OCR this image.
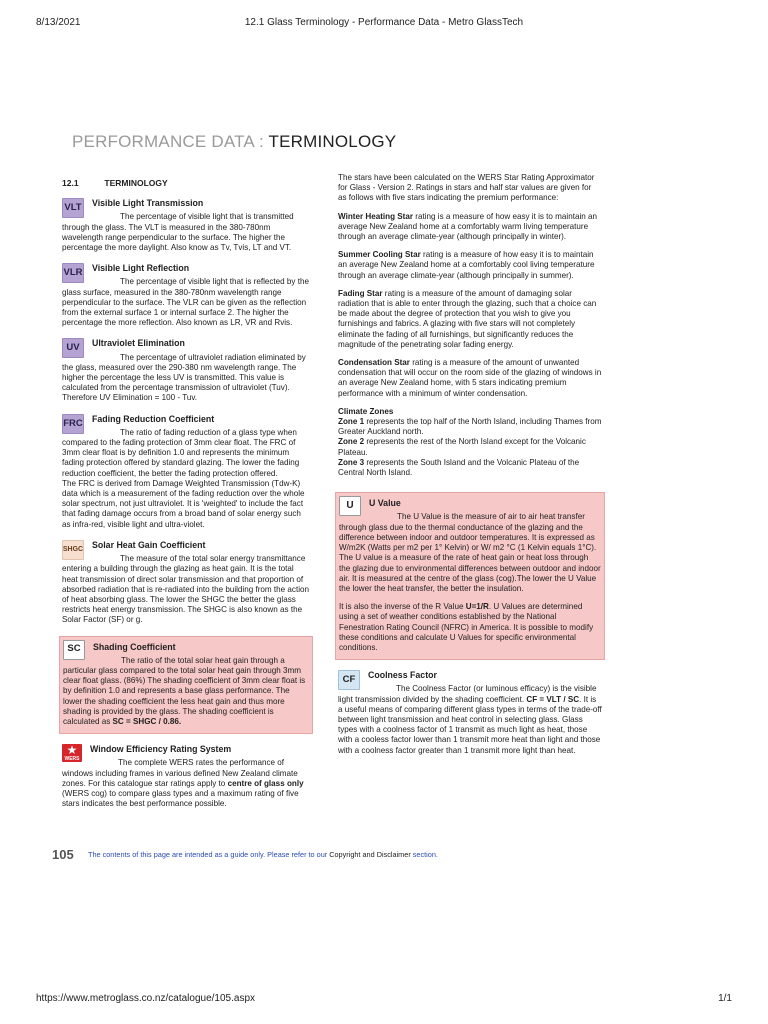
8/13/2021	12.1 Glass Terminology - Performance Data - Metro GlassTech
PERFORMANCE DATA : TERMINOLOGY
12.1	TERMINOLOGY
VLT	Visible Light Transmission

The percentage of visible light that is transmitted through the glass. The VLT is measured in the 380-780nm wavelength range perpendicular to the surface. The higher the percentage the more daylight. Also know as Tv, Tvis, LT and VT.

VLR	Visible Light Reflection

The percentage of visible light that is reflected by the glass surface, measured in the 380-780nm wavelength range perpendicular to the surface. The VLR can be given as the reflection from the external surface 1 or internal surface 2. The higher the percentage the more reflection. Also known as LR, VR and Rvis.

UV	Ultraviolet Elimination

The percentage of ultraviolet radiation eliminated by the glass, measured over the 290-380 nm wavelength range. The higher the percentage the less UV is transmitted. This value is calculated from the percentage transmission of ultraviolet (Tuv). Therefore UV Elimination = 100 - Tuv.

FRC	Fading Reduction Coefficient

The ratio of fading reduction of a glass type when compared to the fading protection of 3mm clear float. The FRC of 3mm clear float is by definition 1.0 and represents the minimum fading protection offered by standard glazing. The lower the fading reduction coefficient, the better the fading protection offered.

The FRC is derived from Damage Weighted Transmission (Tdw-K) data which is a measurement of the fading reduction over the whole solar spectrum, not just ultraviolet. It is 'weighted' to include the fact that fading damage occurs from a broad band of solar energy such as infra-red, visible light and ultra-violet.

SHGC	Solar Heat Gain Coefficient

The measure of the total solar energy transmittance entering a building through the glazing as heat gain. It is the total heat transmission of direct solar transmission and that proportion of absorbed radiation that is re-radiated into the building from the action of heat absorbing glass. The lower the SHGC the better the glass restricts heat energy transmission. The SHGC is also known as the Solar Factor (SF) or g.

SC	Shading Coefficient

The ratio of the total solar heat gain through a particular glass compared to the total solar heat gain through 3mm clear float glass. (86%) The shading coefficient of 3mm clear float is by definition 1.0 and represents a base glass performance. The lower the shading coefficient the less heat gain and thus more shading is provided by the glass. The shading coefficient is calculated as SC = SHGC / 0.86.

★
WERS
Window Efficiency Rating System

The complete WERS rates the performance of windows including frames in various defined New Zealand climate zones. For this catalogue star ratings apply to centre of glass only (WERS cog) to compare glass types and a maximum rating of five stars indicates the best performance possible.

The stars have been calculated on the WERS Star Rating Approximator for Glass - Version 2. Ratings in stars and half star values are given for as follows with five stars indicating the premium performance:

Winter Heating Star rating is a measure of how easy it is to maintain an average New Zealand home at a comfortably warm living temperature through an average climate-year (although principally in winter).

Summer Cooling Star rating is a measure of how easy it is to maintain an average New Zealand home at a comfortably cool living temperature through an average climate-year (although principally in summer).

Fading Star rating is a measure of the amount of damaging solar radiation that is able to enter through the glazing, such that a choice can be made about the degree of protection that you wish to give you furnishings and fabrics. A glazing with five stars will not completely eliminate the fading of all furnishings, but significantly reduces the magnitude of the penetrating solar fading energy.

Condensation Star rating is a measure of the amount of unwanted condensation that will occur on the room side of the glazing of windows in an average New Zealand home, with 5 stars indicating premium performance with a minimum of winter condensation.

Climate Zones
Zone 1 represents the top half of the North Island, including Thames from Greater Auckland north.
Zone 2 represents the rest of the North Island except for the Volcanic Plateau.
Zone 3 represents the South Island and the Volcanic Plateau of the Central North Island.
U	U Value

The U Value is the measure of air to air heat transfer through glass due to the thermal conductance of the glazing and the difference between indoor and outdoor temperatures. It is expressed as W/m2K (Watts per m2 per 1° Kelvin) or W/ m2 °C (1 Kelvin equals 1°C). The U value is a measure of the rate of heat gain or heat loss through the glazing due to environmental differences between outdoor and indoor air. It is measured at the centre of the glass (cog).The lower the U Value the lower the heat transfer, the better the insulation.

It is also the inverse of the R Value U=1/R. U Values are determined using a set of weather conditions established by the National Fenestration Rating Council (NFRC) in America. It is possible to modify these conditions and calculate U Values for specific environmental conditions.

CF	Coolness Factor

The Coolness Factor (or luminous efficacy) is the visible light transmission divided by the shading coefficient. CF = VLT / SC. It is a useful means of comparing different glass types in terms of the trade-off between light transmission and heat control in selecting glass. Glass types with a coolness factor of 1 transmit as much light as heat, those with a cooless factor lower than 1 transmit more heat than light and those with a coolness factor greater than 1 transmit more light than heat.

105 The contents of this page are intended as a guide only. Please refer to our Copyright and Disclaimer section.
https://www.metroglass.co.nz/catalogue/105.aspx	1/1
